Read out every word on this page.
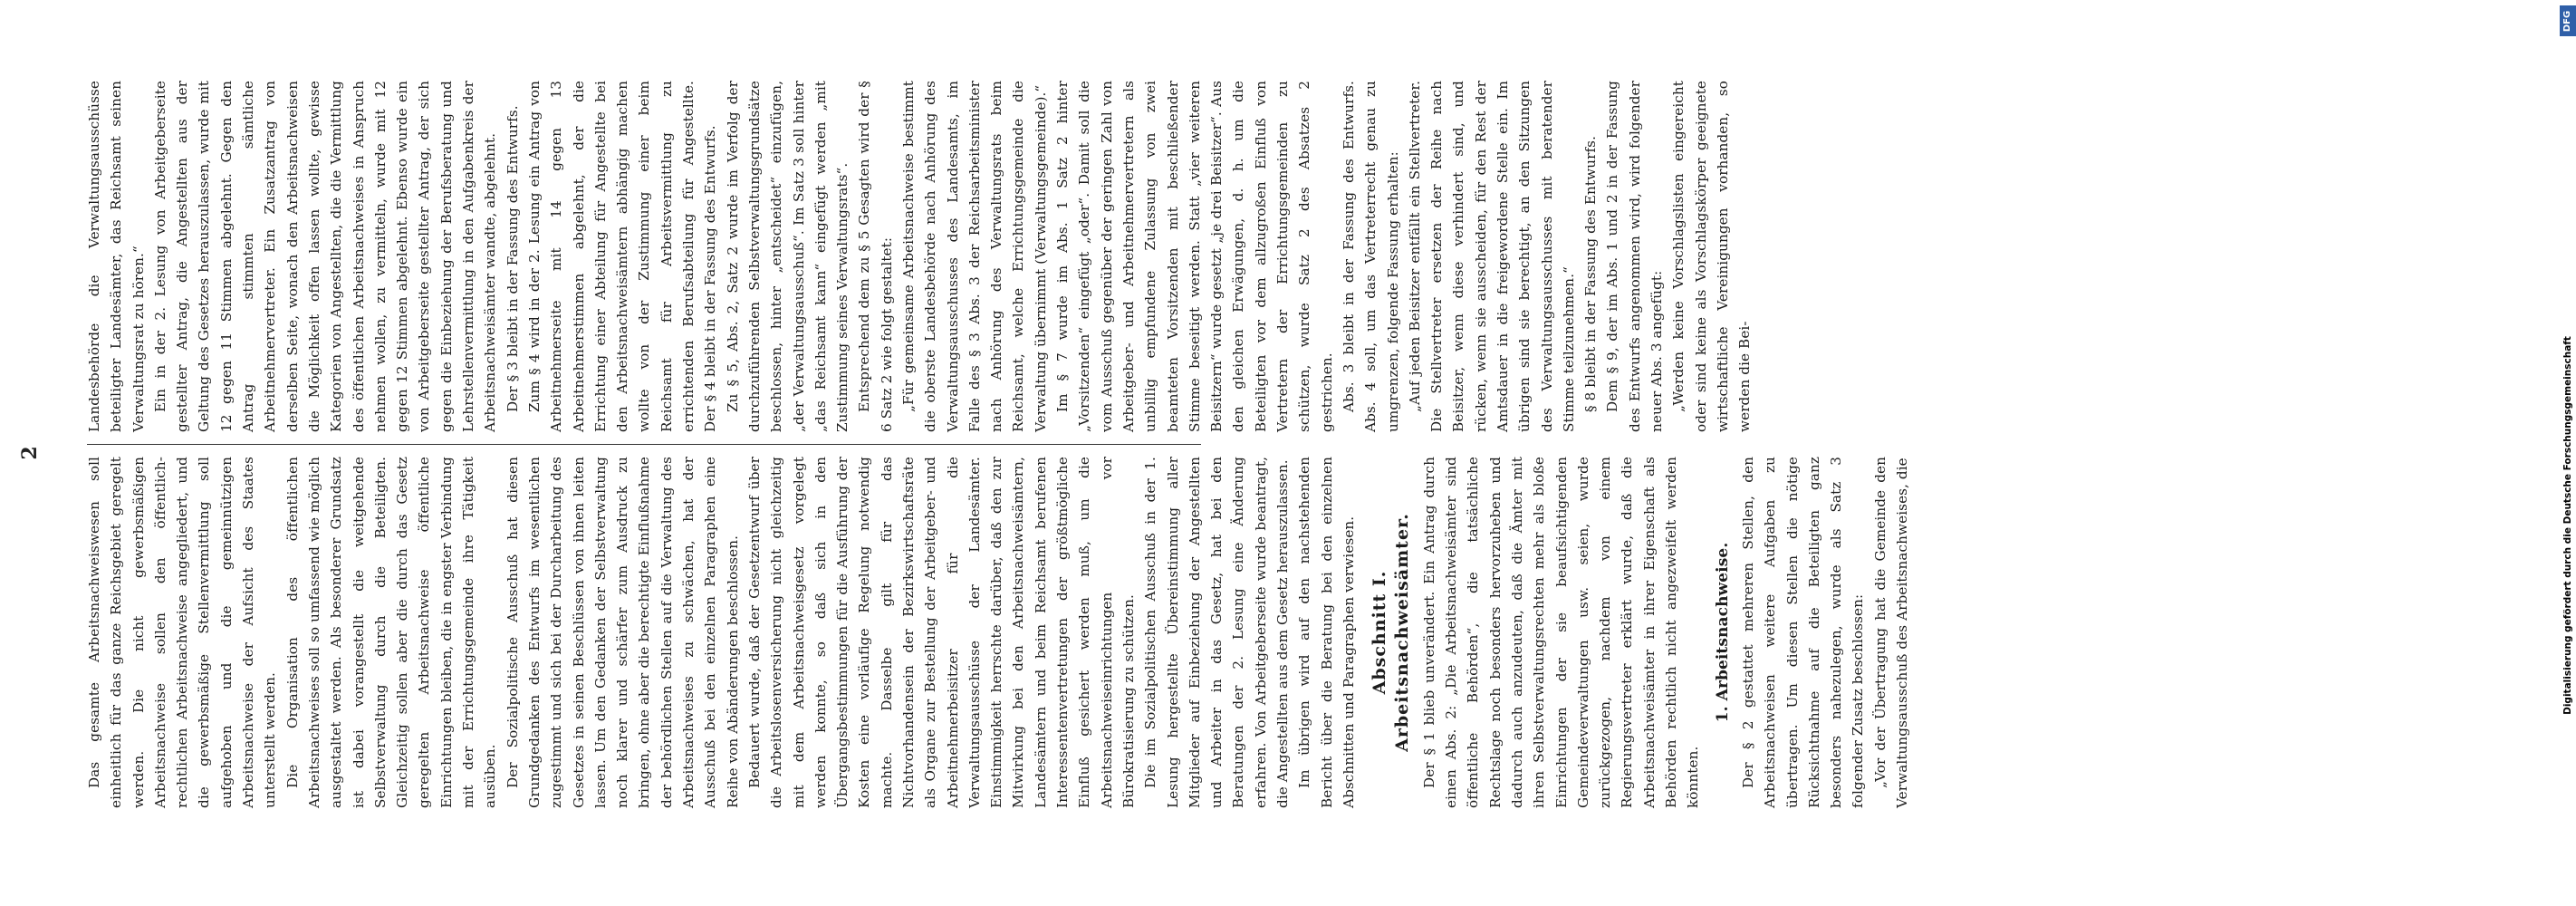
2

Das gesamte Arbeitsnachweiswesen soll einheitlich für das ganze Reichsgebiet geregelt werden. Die nicht gewerbsmäßigen Arbeitsnachweise sollen den öffentlich-rechtlichen Arbeitsnachweise angegliedert, und die gewerbsmäßige Stellenvermittlung soll aufgehoben und die gemeinnützigen Arbeitsnachweise der Aufsicht des Staates unterstellt werden. Die Organisation des öffentlichen Arbeitsnachweises soll so umfassend wie möglich ausgestaltet werden. Als besonderer Grundsatz ist dabei vorangestellt die weitgehende Selbstverwaltung durch die Beteiligten. Gleichzeitig sollen aber die durch das Gesetz geregelten Arbeitsnachweise öffentliche Einrichtungen bleiben, die in engster Verbindung mit der Errichtungsgemeinde ihre Tätigkeit ausüben. Der Sozialpolitische Ausschuß hat diesen Grundgedanken des Entwurfs im wesentlichen zugestimmt und sich bei der Durcharbeitung des Gesetzes in seinen Beschlüssen von ihnen leiten lassen. Um den Gedanken der Selbstverwaltung noch klarer und schärfer zum Ausdruck zu bringen, ohne aber die berechtigte Einflußnahme der behördlichen Stellen auf die Verwaltung des Arbeitsnachweises zu schwächen, hat der Ausschuß bei den einzelnen Paragraphen eine Reihe von Abänderungen beschlossen. Bedauert wurde, daß der Gesetzentwurf über die Arbeitslosenversicherung nicht gleichzeitig mit dem Arbeitsnachweisgesetz vorgelegt werden konnte, so daß sich in den Übergangsbestimmungen für die Ausführung der Kosten eine vorläufige Regelung notwendig machte. Dasselbe gilt für das Nichtvorhandensein der Bezirkswirtschaftsräte als Organe zur Bestellung der Arbeitgeber- und Arbeitnehmerbeisitzer für die Verwaltungsausschüsse der Landesämter. Einstimmigkeit herrschte darüber, daß den zur Mitwirkung bei den Arbeitsnachweisämtern, Landesämtern und beim Reichsamt berufenen Interessentenvertretungen der größtmögliche Einfluß gesichert werden muß, um die Arbeitsnachweiseinrichtungen vor Bürokratisierung zu schützen. Die im Sozialpolitischen Ausschuß in der 1. Lesung hergestellte Übereinstimmung aller Mitglieder auf Einbeziehung der Angestellten und Arbeiter in das Gesetz, hat bei den Beratungen der 2. Lesung eine Änderung erfahren. Von Arbeitgeberseite wurde beantragt, die Angestellten aus dem Gesetz herauszulassen. Im übrigen wird auf den nachstehenden Bericht über die Beratung bei den einzelnen Abschnitten und Paragraphen verwiesen. Abschnitt I. Arbeitsnachweisämter. Der § 1 blieb unverändert. Ein Antrag durch einen Abs. 2: „Die Arbeitsnachweisämter sind öffentliche Behörden“, die tatsächliche Rechtslage noch besonders hervorzuheben und dadurch auch anzudeuten, daß die Ämter mit ihren Selbstverwaltungsrechten mehr als bloße Einrichtungen der sie beaufsichtigenden Gemeindeverwaltungen usw. seien, wurde zurückgezogen, nachdem von einem Regierungsvertreter erklärt wurde, daß die Arbeitsnachweisämter in ihrer Eigenschaft als Behörden rechtlich nicht angezweifelt werden könnten.

1. Arbeitsnachweise. Der § 2 gestattet mehreren Stellen, den Arbeitsnachweisen weitere Aufgaben zu übertragen. Um diesen Stellen die nötige Rücksichtnahme auf die Beteiligten ganz besonders nahezulegen, wurde als Satz 3 folgender Zusatz beschlossen: „Vor der Übertragung hat die Gemeinde den Verwaltungsausschuß des Arbeitsnachweises, die

Landesbehörde die Verwaltungsausschüsse beteiligter Landesämter, das Reichsamt seinen Verwaltungsrat zu hören.“ Ein in der 2. Lesung von Arbeitgeberseite gestellter Antrag, die Angestellten aus der Geltung des Gesetzes herauszulassen, wurde mit 12 gegen 11 Stimmen abgelehnt. Gegen den Antrag stimmten sämtliche Arbeitnehmervertreter. Ein Zusatzantrag von derselben Seite, wonach den Arbeitsnachweisen die Möglichkeit offen lassen wollte, gewisse Kategorien von Angestellten, die die Vermittlung des öffentlichen Arbeitsnachweises in Anspruch nehmen wollen, zu vermitteln, wurde mit 12 gegen 12 Stimmen abgelehnt. Ebenso wurde ein von Arbeitgeberseite gestellter Antrag, der sich gegen die Einbeziehung der Berufsberatung und Lehrstellenvermittlung in den Aufgabenkreis der Arbeitsnachweisämter wandte, abgelehnt. Der § 3 bleibt in der Fassung des Entwurfs. Zum § 4 wird in der 2. Lesung ein Antrag von Arbeitnehmerseite mit 14 gegen 13 Arbeitnehmerstimmen abgelehnt, der die Errichtung einer Abteilung für Angestellte bei den Arbeitsnachweisämtern abhängig machen wollte von der Zustimmung einer beim Reichsamt für Arbeitsvermittlung zu errichtenden Berufsabteilung für Angestellte. Der § 4 bleibt in der Fassung des Entwurfs. Zu § 5, Abs. 2, Satz 2 wurde im Verfolg der durchzuführenden Selbstverwaltungsgrundsätze beschlossen, hinter „entscheidet“ einzufügen, „der Verwaltungsausschuß“. Im Satz 3 soll hinter „das Reichsamt kann“ eingefügt werden „mit Zustimmung seines Verwaltungsrats“. Entsprechend dem zu § 5 Gesagten wird der § 6 Satz 2 wie folgt gestaltet: „Für gemeinsame Arbeitsnachweise bestimmt die oberste Landesbehörde nach Anhörung des Verwaltungsausschusses des Landesamts, im Falle des § 3 Abs. 3 der Reichsarbeitsminister nach Anhörung des Verwaltungsrats beim Reichsamt, welche Errichtungsgemeinde die Verwaltung übernimmt (Verwaltungsgemeinde).“ Im § 7 wurde im Abs. 1 Satz 2 hinter „Vorsitzenden“ eingefügt „oder“. Damit soll die vom Ausschuß gegenüber der geringen Zahl von Arbeitgeber- und Arbeitnehmervertretern als unbillig empfundene Zulassung von zwei beamteten Vorsitzenden mit beschließender Stimme beseitigt werden. Statt „vier weiteren Beisitzern“ wurde gesetzt „je drei Beisitzer“. Aus den gleichen Erwägungen, d. h. um die Beteiligten vor dem allzugroßen Einfluß von Vertretern der Errichtungsgemeinden zu schützen, wurde Satz 2 des Absatzes 2 gestrichen. Abs. 3 bleibt in der Fassung des Entwurfs. Abs. 4 soll, um das Vertreterrecht genau zu umgrenzen, folgende Fassung erhalten: „Auf jeden Beisitzer entfällt ein Stellvertreter. Die Stellvertreter ersetzen der Reihe nach Beisitzer, wenn diese verhindert sind, und rücken, wenn sie ausscheiden, für den Rest der Amtsdauer in die freigewordene Stelle ein. Im übrigen sind sie berechtigt, an den Sitzungen des Verwaltungsausschusses mit beratender Stimme teilzunehmen.“ § 8 bleibt in der Fassung des Entwurfs. Dem § 9, der im Abs. 1 und 2 in der Fassung des Entwurfs angenommen wird, wird folgender neuer Abs. 3 angefügt: „Werden keine Vorschlagslisten eingereicht oder sind keine als Vorschlagskörper geeignete wirtschaftliche Vereinigungen vorhanden, so werden die Bei-

DFG
Digitalisierung gefördert durch die Deutsche Forschungsgemeinschaft
